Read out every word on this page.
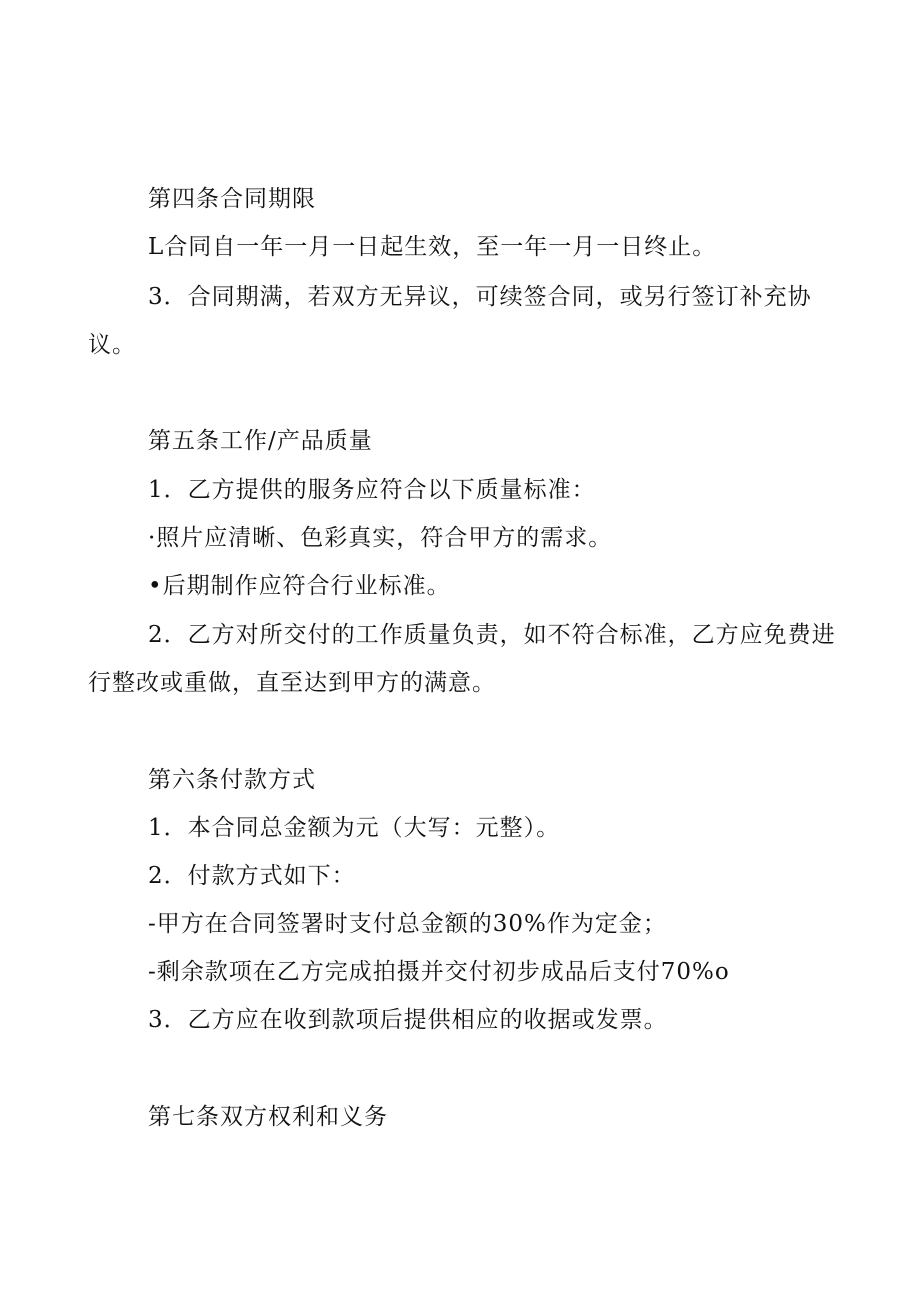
第四条合同期限
L合同自一年一月一日起生效，至一年一月一日终止。
3．合同期满，若双方无异议，可续签合同，或另行签订补充协
议。
第五条工作/产品质量
1．乙方提供的服务应符合以下质量标准：
·照片应清晰、色彩真实，符合甲方的需求。
•后期制作应符合行业标准。
2．乙方对所交付的工作质量负责，如不符合标准，乙方应免费进
行整改或重做，直至达到甲方的满意。
第六条付款方式
1．本合同总金额为元（大写：元整）。
2．付款方式如下：
-甲方在合同签署时支付总金额的30%作为定金；
-剩余款项在乙方完成拍摄并交付初步成品后支付70%o
3．乙方应在收到款项后提供相应的收据或发票。
第七条双方权利和义务
